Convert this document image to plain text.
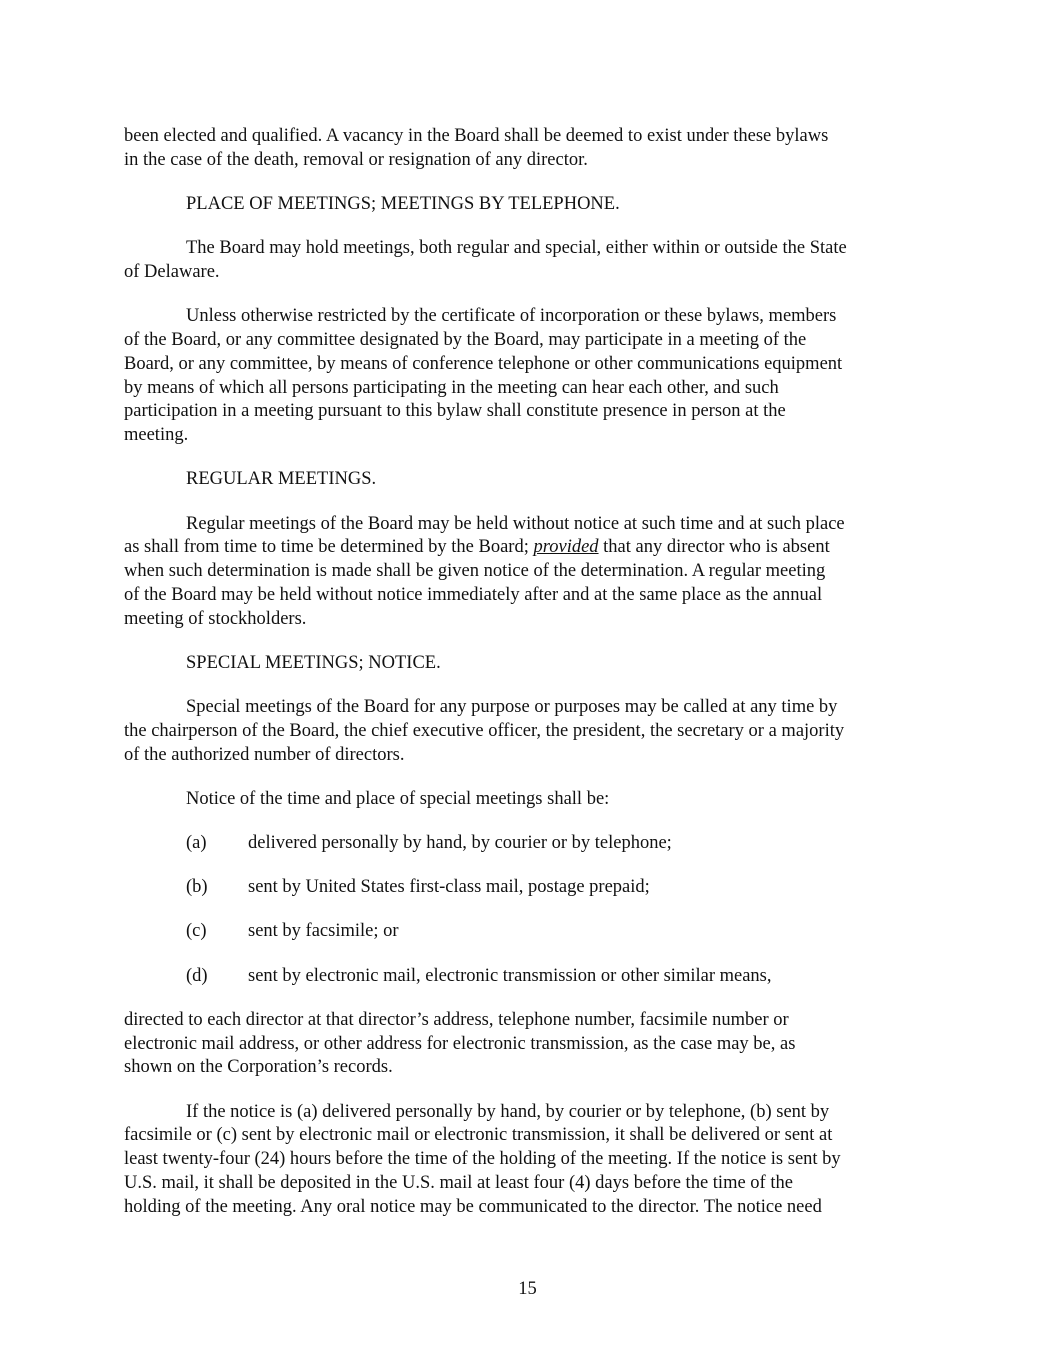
been elected and qualified. A vacancy in the Board shall be deemed to exist under these bylaws
in the case of the death, removal or resignation of any director.
PLACE OF MEETINGS; MEETINGS BY TELEPHONE.
The Board may hold meetings, both regular and special, either within or outside the State
of Delaware.
Unless otherwise restricted by the certificate of incorporation or these bylaws, members
of the Board, or any committee designated by the Board, may participate in a meeting of the
Board, or any committee, by means of conference telephone or other communications equipment
by means of which all persons participating in the meeting can hear each other, and such
participation in a meeting pursuant to this bylaw shall constitute presence in person at the
meeting.
REGULAR MEETINGS.
Regular meetings of the Board may be held without notice at such time and at such place
as shall from time to time be determined by the Board; provided that any director who is absent
when such determination is made shall be given notice of the determination. A regular meeting
of the Board may be held without notice immediately after and at the same place as the annual
meeting of stockholders.
SPECIAL MEETINGS; NOTICE.
Special meetings of the Board for any purpose or purposes may be called at any time by
the chairperson of the Board, the chief executive officer, the president, the secretary or a majority
of the authorized number of directors.
Notice of the time and place of special meetings shall be:
(a)	delivered personally by hand, by courier or by telephone;
(b)	sent by United States first-class mail, postage prepaid;
(c)	sent by facsimile; or
(d)	sent by electronic mail, electronic transmission or other similar means,
directed to each director at that director’s address, telephone number, facsimile number or
electronic mail address, or other address for electronic transmission, as the case may be, as
shown on the Corporation’s records.
If the notice is (a) delivered personally by hand, by courier or by telephone, (b) sent by
facsimile or (c) sent by electronic mail or electronic transmission, it shall be delivered or sent at
least twenty-four (24) hours before the time of the holding of the meeting. If the notice is sent by
U.S. mail, it shall be deposited in the U.S. mail at least four (4) days before the time of the
holding of the meeting. Any oral notice may be communicated to the director. The notice need
15
